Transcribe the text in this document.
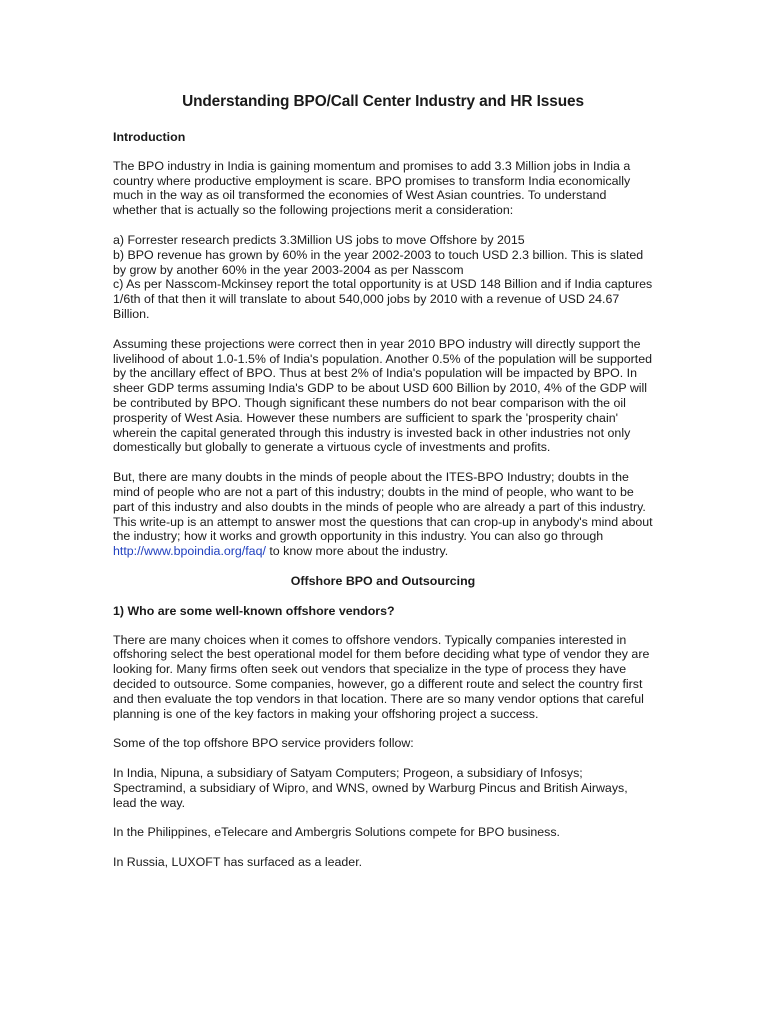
Understanding BPO/Call Center Industry and HR Issues
Introduction

The BPO industry in India is gaining momentum and promises to add 3.3 Million jobs in India a country where productive employment is scare. BPO promises to transform India economically much in the way as oil transformed the economies of West Asian countries. To understand whether that is actually so the following projections merit a consideration:

a) Forrester research predicts 3.3Million US jobs to move Offshore by 2015
b) BPO revenue has grown by 60% in the year 2002-2003 to touch USD 2.3 billion. This is slated by grow by another 60% in the year 2003-2004 as per Nasscom
c) As per Nasscom-Mckinsey report the total opportunity is at USD 148 Billion and if India captures 1/6th of that then it will translate to about 540,000 jobs by 2010 with a revenue of USD 24.67 Billion.

Assuming these projections were correct then in year 2010 BPO industry will directly support the livelihood of about 1.0-1.5% of India's population. Another 0.5% of the population will be supported by the ancillary effect of BPO. Thus at best 2% of India's population will be impacted by BPO. In sheer GDP terms assuming India's GDP to be about USD 600 Billion by 2010, 4% of the GDP will be contributed by BPO. Though significant these numbers do not bear comparison with the oil prosperity of West Asia. However these numbers are sufficient to spark the 'prosperity chain' wherein the capital generated through this industry is invested back in other industries not only domestically but globally to generate a virtuous cycle of investments and profits.

But, there are many doubts in the minds of people about the ITES-BPO Industry; doubts in the mind of people who are not a part of this industry; doubts in the mind of people, who want to be part of this industry and also doubts in the minds of people who are already a part of this industry. This write-up is an attempt to answer most the questions that can crop-up in anybody's mind about the industry; how it works and growth opportunity in this industry. You can also go through http://www.bpoindia.org/faq/ to know more about the industry.

Offshore BPO and Outsourcing
1) Who are some well-known offshore vendors?

There are many choices when it comes to offshore vendors. Typically companies interested in offshoring select the best operational model for them before deciding what type of vendor they are looking for. Many firms often seek out vendors that specialize in the type of process they have decided to outsource. Some companies, however, go a different route and select the country first and then evaluate the top vendors in that location. There are so many vendor options that careful planning is one of the key factors in making your offshoring project a success.

Some of the top offshore BPO service providers follow:

In India, Nipuna, a subsidiary of Satyam Computers; Progeon, a subsidiary of Infosys; Spectramind, a subsidiary of Wipro, and WNS, owned by Warburg Pincus and British Airways, lead the way.

In the Philippines, eTelecare and Ambergris Solutions compete for BPO business.

In Russia, LUXOFT has surfaced as a leader.
